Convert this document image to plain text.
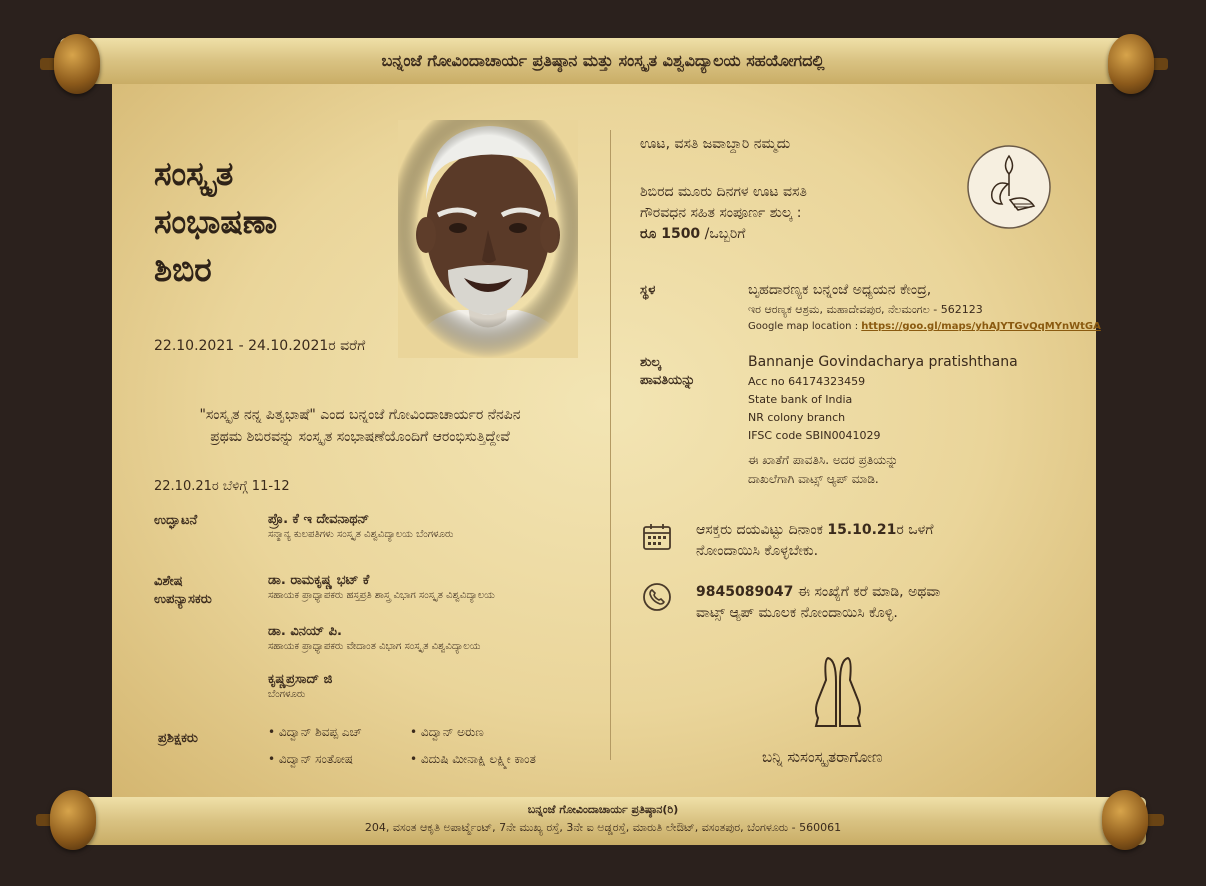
ಬನ್ನಂಜೆ ಗೋವಿಂದಾಚಾರ್ಯ ಪ್ರತಿಷ್ಠಾನ ಮತ್ತು ಸಂಸ್ಕೃತ ವಿಶ್ವವಿದ್ಯಾಲಯ ಸಹಯೋಗದಲ್ಲಿ
ಬನ್ನಂಜೆ ಗೋವಿಂದಾಚಾರ್ಯ ಪ್ರತಿಷ್ಠಾನ(ರಿ)
204, ವಸಂತ ಆಕೃತಿ ಅಪಾರ್ಟ್ಮೆಂಟ್, 7ನೇ ಮುಖ್ಯ ರಸ್ತೆ, 3ನೇ ಐ ಅಡ್ಡರಸ್ತೆ, ಮಾರುತಿ ಲೇಔಟ್, ವಸಂತಪುರ, ಬೆಂಗಳೂರು - 560061
ಸಂಸ್ಕೃತ
ಸಂಭಾಷಣಾ
ಶಿಬಿರ
22.10.2021 - 24.10.2021ರ ವರೆಗೆ
"ಸಂಸ್ಕೃತ ನನ್ನ ಪಿತೃಭಾಷೆ" ಎಂದ ಬನ್ನಂಜೆ ಗೋವಿಂದಾಚಾರ್ಯರ ನೆನಪಿನ
ಪ್ರಥಮ ಶಿಬಿರವನ್ನು ಸಂಸ್ಕೃತ ಸಂಭಾಷಣೆಯೊಂದಿಗೆ ಆರಂಭಿಸುತ್ತಿದ್ದೇವೆ
22.10.21ರ ಬೆಳಿಗ್ಗೆ 11-12
ಉದ್ಘಾಟನೆ	ಪ್ರೊ. ಕೆ ಇ ದೇವನಾಥನ್
ಸನ್ಮಾನ್ಯ ಕುಲಪತಿಗಳು ಸಂಸ್ಕೃತ ವಿಶ್ವವಿದ್ಯಾಲಯ ಬೆಂಗಳೂರು
ವಿಶೇಷ
ಉಪನ್ಯಾಸಕರು
ಡಾ. ರಾಮಕೃಷ್ಣ ಭಟ್ ಕೆ
ಸಹಾಯಕ ಪ್ರಾಧ್ಯಾಪಕರು ಹಸ್ತಪ್ರತಿ ಶಾಸ್ತ್ರ ವಿಭಾಗ ಸಂಸ್ಕೃತ ವಿಶ್ವವಿದ್ಯಾಲಯ
ಡಾ. ವಿನಯ್ ಪಿ.
ಸಹಾಯಕ ಪ್ರಾಧ್ಯಾಪಕರು ವೇದಾಂತ ವಿಭಾಗ ಸಂಸ್ಕೃತ ವಿಶ್ವವಿದ್ಯಾಲಯ
ಕೃಷ್ಣಪ್ರಸಾದ್ ಜಿ
ಬೆಂಗಳೂರು
ಪ್ರಶಿಕ್ಷಕರು	• ವಿದ್ವಾನ್ ಶಿವಪ್ಪ ಎಚ್	• ವಿದ್ವಾನ್ ಅರುಣ
• ವಿದ್ವಾನ್ ಸಂತೋಷ	• ವಿದುಷಿ ಮೀನಾಕ್ಷಿ ಲಕ್ಷ್ಮೀ ಕಾಂತ
ಊಟ, ವಸತಿ ಜವಾಬ್ದಾರಿ ನಮ್ಮದು
ಶಿಬಿರದ ಮೂರು ದಿನಗಳ ಊಟ ವಸತಿ
ಗೌರವಧನ ಸಹಿತ ಸಂಪೂರ್ಣ ಶುಲ್ಕ :
ರೂ 1500 /ಒಬ್ಬರಿಗೆ
ಸ್ಥಳ	ಬೃಹದಾರಣ್ಯಕ ಬನ್ನಂಜೆ ಅಧ್ಯಯನ ಕೇಂದ್ರ,
ಇರ ಆರಣ್ಯಕ ಆಶ್ರಮ, ಮಹಾದೇವಪುರ, ನೆಲಮಂಗಲ - 562123
Google map location : https://goo.gl/maps/yhAJYTGvQqMYnWtGA
ಶುಲ್ಕ
ಪಾವತಿಯನ್ನು
Bannanje Govindacharya pratishthana
Acc no 64174323459
State bank of India
NR colony branch
IFSC code SBIN0041029
ಈ ಖಾತೆಗೆ ಪಾವತಿಸಿ. ಅದರ ಪ್ರತಿಯನ್ನು
ದಾಖಲೆಗಾಗಿ ವಾಟ್ಸ್ ಆ್ಯಪ್ ಮಾಡಿ.
ಆಸಕ್ತರು ದಯವಿಟ್ಟು ದಿನಾಂಕ 15.10.21ರ ಒಳಗೆ
ನೋಂದಾಯಿಸಿ ಕೊಳ್ಳಬೇಕು.
9845089047 ಈ ಸಂಖ್ಯೆಗೆ ಕರೆ ಮಾಡಿ, ಅಥವಾ
ವಾಟ್ಸ್ ಆ್ಯಪ್ ಮೂಲಕ ನೋಂದಾಯಿಸಿ ಕೊಳ್ಳಿ.
ಬನ್ನಿ ಸುಸಂಸ್ಕೃತರಾಗೋಣ
